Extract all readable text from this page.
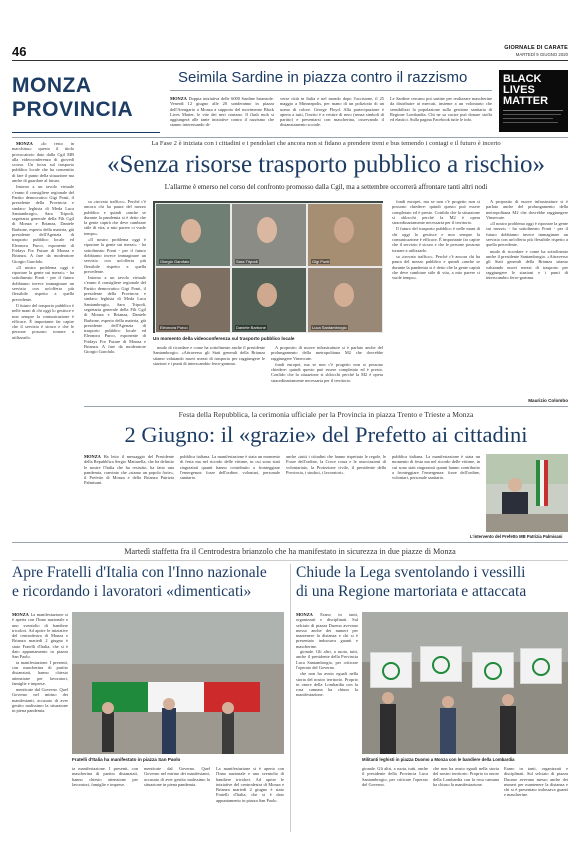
46	GIORNALE DI CARATE
MARTEDÌ 9 GIUGNO 2020
MONZA
PROVINCIA
Seimila Sardine in piazza contro il razzismo
MONZA Doppia iniziativa delle 6000 Sardine brianzole. Venerdì 12 giugno alle 20 sonderanno in piazza dell'Arengario a Monza a supporto del movimento Black Lives Matter, le vite dei neri contano. Il flash mob si aggiungerà alle tante iniziative contro il razzismo che stanno interessando di-
verse città in Italia e nel mondo dopo l'uccisione, il 25 maggio a Minneapolis, per mano di un poliziotto di un uomo di colore. George Floyd. Alla partecipazione è aperta a tutti, l'invito è a vestire di nero (senza simboli di partito) e presentarsi con mascherina, osservando il distanziamento sociale.
Le Sardine cercano poi sartine per realizzare mascherine da distribuire ai mercati, insieme a un volontario che sensibilizzi la popolazione sulla gestione sanitaria di Regione Lombardia. Chi ne sa cucire può donare stoffa ed elastici. Sulla pagina Facebook tutte le info.
BLACK
LIVES
MATTER

MONZA «Io resto in macchina»: questo il titolo provocatorio dato dalla Cgil MB alla videoconferenza di giovedì scorso. Un focus sul trasporto pubblico locale che ha consentito di fare il punto della situazione ma anche di guardare al futuro.

Intorno a un tavolo virtuale c'erano il consigliere regionale del Partito democratico Gigi Ponti, il presidente della Provincia e sindaco leghista di Meda Luca Santambrogio, Sara Tripodi, segretaria generale della Filt Cgil di Monza e Brianza, Daniele Barbone, esperto della materia, già presidente dell'Agenzia di trasporto pubblico locale ed Eleonora Purco, esponente di Fridays For Future di Monza e Brianza. A fare da moderatore Giorgio Garofalo.

«Il nostro problema oggi è riportare la gente sui mezzi» - ha sottolineato Ponti - per il futuro dobbiamo invece immaginare un servizio con un'offerta più flessibile rispetto a quella precedente.

Il futuro del trasporto pubblico è nelle mani di chi oggi lo gestisce e non sempre la comunicazione è efficace. È importante far capire che il servizio è sicuro e che le persone possono tornare a utilizzarlo.

La Fase 2 è iniziata con i cittadini e i pendolari che ancora non si fidano a prendere treni e bus temendo i contagi e il futuro è incerto
«Senza risorse trasporto pubblico a rischio»
L'allarme è emerso nel corso del confronto promosso dalla Cgil, ma a settembre occorrerà affrontare tanti altri nodi

sa «trovato traffico». Perché c'è ancora chi ha paura del mezzo pubblico e quindi «anche se durante la pandemia si è detto che la gente capirà che deve cambiare stile di vita, a mio parere ci vuole tempo».

«Il nostro problema oggi è riportare la gente sui mezzi» - ha sottolineato Ponti - per il futuro dobbiamo invece immaginare un servizio con un'offerta più flessibile rispetto a quella precedente.

Intorno a un tavolo virtuale c'erano il consigliere regionale del Partito democratico Gigi Ponti, il presidente della Provincia e sindaco leghista di Meda Luca Santambrogio, Sara Tripodi, segretaria generale della Filt Cgil di Monza e Brianza, Daniele Barbone, esperto della materia, già presidente dell'Agenzia di trasporto pubblico locale ed Eleonora Purco, esponente di Fridays For Future di Monza e Brianza. A fare da moderatore Giorgio Garofalo.

Giorgio Garofalo	Sara Tripodi	Gigi Ponti
Eleonora Purco	Daniele Barbone	Luca Santambrogio
Un momento della videoconferenza sul trasporto pubblico locale

mudo di ricordare e come ha sottolineato anche il presidente Santambrogio. «Attraverso gli Stati generali della Brianza stiamo valutando nuovi mezzi di trasporto per raggiungere le stazioni e i punti di interscambio ferro-gomma.

A proposito di nuove infrastrutture si è parlato anche del prolungamento della metropolitana M2 che dovrebbe raggiungere Vimercate.

fondi europei, ma se non c'è progetto non si possono chiedere: quindi questo può essere completato ed è presto. Confido che la situazione si sblocchi perché la M2 è opera straordinariamente necessaria per il territorio.

fondi europei, ma se non c'è progetto non si possono chiedere: quindi questo può essere completato ed è presto. Confido che la situazione si sblocchi perché la M2 è opera straordinariamente necessaria per il territorio.

Il futuro del trasporto pubblico è nelle mani di chi oggi lo gestisce e non sempre la comunicazione è efficace. È importante far capire che il servizio è sicuro e che le persone possono tornare a utilizzarlo.

sa «trovato traffico». Perché c'è ancora chi ha paura del mezzo pubblico e quindi «anche se durante la pandemia si è detto che la gente capirà che deve cambiare stile di vita, a mio parere ci vuole tempo».

A proposito di nuove infrastrutture si è parlato anche del prolungamento della metropolitana M2 che dovrebbe raggiungere Vimercate.

«Il nostro problema oggi è riportare la gente sui mezzi» - ha sottolineato Ponti - per il futuro dobbiamo invece immaginare un servizio con un'offerta più flessibile rispetto a quella precedente.

mudo di ricordare e come ha sottolineato anche il presidente Santambrogio. «Attraverso gli Stati generali della Brianza stiamo valutando nuovi mezzi di trasporto per raggiungere le stazioni e i punti di interscambio ferro-gomma.

Maurizio Colombo
Festa della Repubblica, la cerimonia ufficiale per la Provincia in piazza Trento e Trieste a Monza
2 Giugno: il «grazie» del Prefetto ai cittadini
MONZA Ha letto il messaggio del Presidente della Repubblica Sergio Mattarella, che ha definito le nostre l'Italia che ha resistito, ha fatto una pandemia, convinto che «siamo un popolo forte», il Prefetto di Monza e della Brianza Patrizia Palmisani.
pubblica italiana. La manifestazione è stata un momento di festa ma nel ricordo delle vittime, in cui sono stati ringraziati quanti hanno contribuito a fronteggiare l'emergenza: forze dell'ordine, volontari, personale sanitario.
anche «tutti i cittadini che hanno rispettato le regole, le Forze dell'ordine, la Croce rossa e le associazioni di volontariato, la Protezione civile, il presidente della Provincia, i sindaci, i lavoratori».
pubblica italiana. La manifestazione è stata un momento di festa ma nel ricordo delle vittime, in cui sono stati ringraziati quanti hanno contribuito a fronteggiare l'emergenza: forze dell'ordine, volontari, personale sanitario.
L'intervento del Prefetto MB Patrizia Palmisani
Martedì staffetta fra il Centrodestra brianzolo che ha manifestato in sicurezza in due piazze di Monza
Apre Fratelli d'Italia con l'Inno nazionale
e ricordando i lavoratori «dimenticati»
MONZA La manifestazione si è aperta con l'Inno nazionale e uno sventolio di bandiere tricolori. Ad aprire le iniziative del centrodestra di Monza e Brianza martedì 2 giugno è stato Fratelli d'Italia, che si è dato appuntamento in piazza San Paolo.

ta manifestazione. I presenti, con mascherina di partito distanziati, hanno chiesto attenzione per lavoratori, famiglie e imprese.

menticate dal Governo. Quel Governo nel mirino dei manifestanti, accusato di aver gestito malissimo la situazione in piena pandemia.

Fratelli d'Italia ha manifestato in piazza San Paolo
ta manifestazione. I presenti, con mascherina di partito distanziati, hanno chiesto attenzione per lavoratori, famiglie e imprese.
menticate dal Governo. Quel Governo nel mirino dei manifestanti, accusato di aver gestito malissimo la situazione in piena pandemia.
La manifestazione si è aperta con l'Inno nazionale e uno sventolio di bandiere tricolori. Ad aprire le iniziative del centrodestra di Monza e Brianza martedì 2 giugno è stato Fratelli d'Italia, che si è dato appuntamento in piazza San Paolo.
Chiude la Lega sventolando i vessilli
di una Regione martoriata e attaccata
MONZA Erano in tanti, organizzati e disciplinati. Sul selciato di piazza Duomo avevano messo anche dei numeri per mantenere la distanza e chi si è presentato indossava guanti e mascherine.

gionale. Gli altri, a ruota, tutti, anche il presidente della Provincia Luca Santambrogio, per criticare l'operato del Governo.

che non ha avuto eguali nella storia del nostro territorio. Proprio in onore della Lombardia con la rosa camuna ha chiuso la manifestazione.

Militanti leghisti in piazza Duomo a Monza con le bandiere della Lombardia
gionale. Gli altri, a ruota, tutti, anche il presidente della Provincia Luca Santambrogio, per criticare l'operato del Governo.
che non ha avuto eguali nella storia del nostro territorio. Proprio in onore della Lombardia con la rosa camuna ha chiuso la manifestazione.
Erano in tanti, organizzati e disciplinati. Sul selciato di piazza Duomo avevano messo anche dei numeri per mantenere la distanza e chi si è presentato indossava guanti e mascherine.
